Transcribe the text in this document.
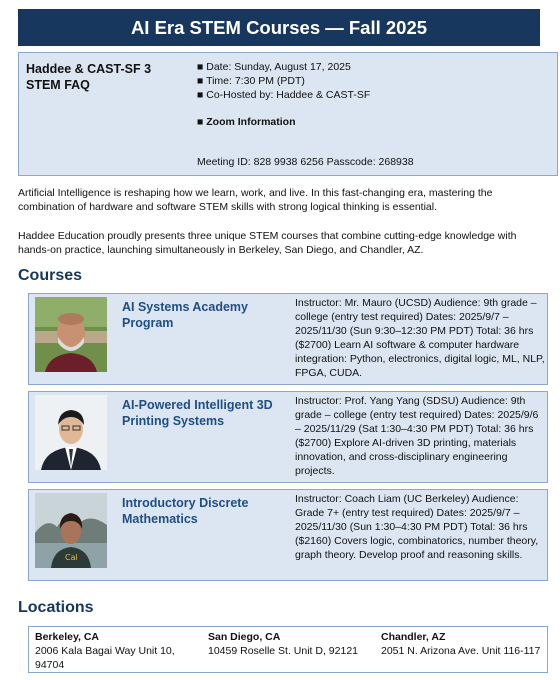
AI Era STEM Courses — Fall 2025
Haddee & CAST-SF 3
STEM FAQ
■ Date: Sunday, August 17, 2025
■ Time: 7:30 PM (PDT)
■ Co-Hosted by: Haddee & CAST-SF
■ Zoom Information
Meeting ID: 828 9938 6256 Passcode: 268938

Artificial Intelligence is reshaping how we learn, work, and live. In this fast-changing era, mastering the combination of hardware and software STEM skills with strong logical thinking is essential.

Haddee Education proudly presents three unique STEM courses that combine cutting-edge knowledge with hands-on practice, launching simultaneously in Berkeley, San Diego, and Chandler, AZ.

Courses
AI Systems Academy Program
Instructor: Mr. Mauro (UCSD) Audience: 9th grade – college (entry test required) Dates: 2025/9/7 – 2025/11/30 (Sun 9:30–12:30 PM PDT) Total: 36 hrs ($2700) Learn AI software & computer hardware integration: Python, electronics, digital logic, ML, NLP, FPGA, CUDA.
AI-Powered Intelligent 3D Printing Systems
Instructor: Prof. Yang Yang (SDSU) Audience: 9th grade – college (entry test required) Dates: 2025/9/6 – 2025/11/29 (Sat 1:30–4:30 PM PDT) Total: 36 hrs ($2700) Explore AI-driven 3D printing, materials innovation, and cross-disciplinary engineering projects.
Cal
Introductory Discrete Mathematics
Instructor: Coach Liam (UC Berkeley) Audience: Grade 7+ (entry test required) Dates: 2025/9/7 – 2025/11/30 (Sun 1:30–4:30 PM PDT) Total: 36 hrs ($2160) Covers logic, combinatorics, number theory, graph theory. Develop proof and reasoning skills.
Locations
Berkeley, CA
2006 Kala Bagai Way Unit 10, 94704
San Diego, CA
10459 Roselle St. Unit D, 92121
Chandler, AZ
2051 N. Arizona Ave. Unit 116-117
